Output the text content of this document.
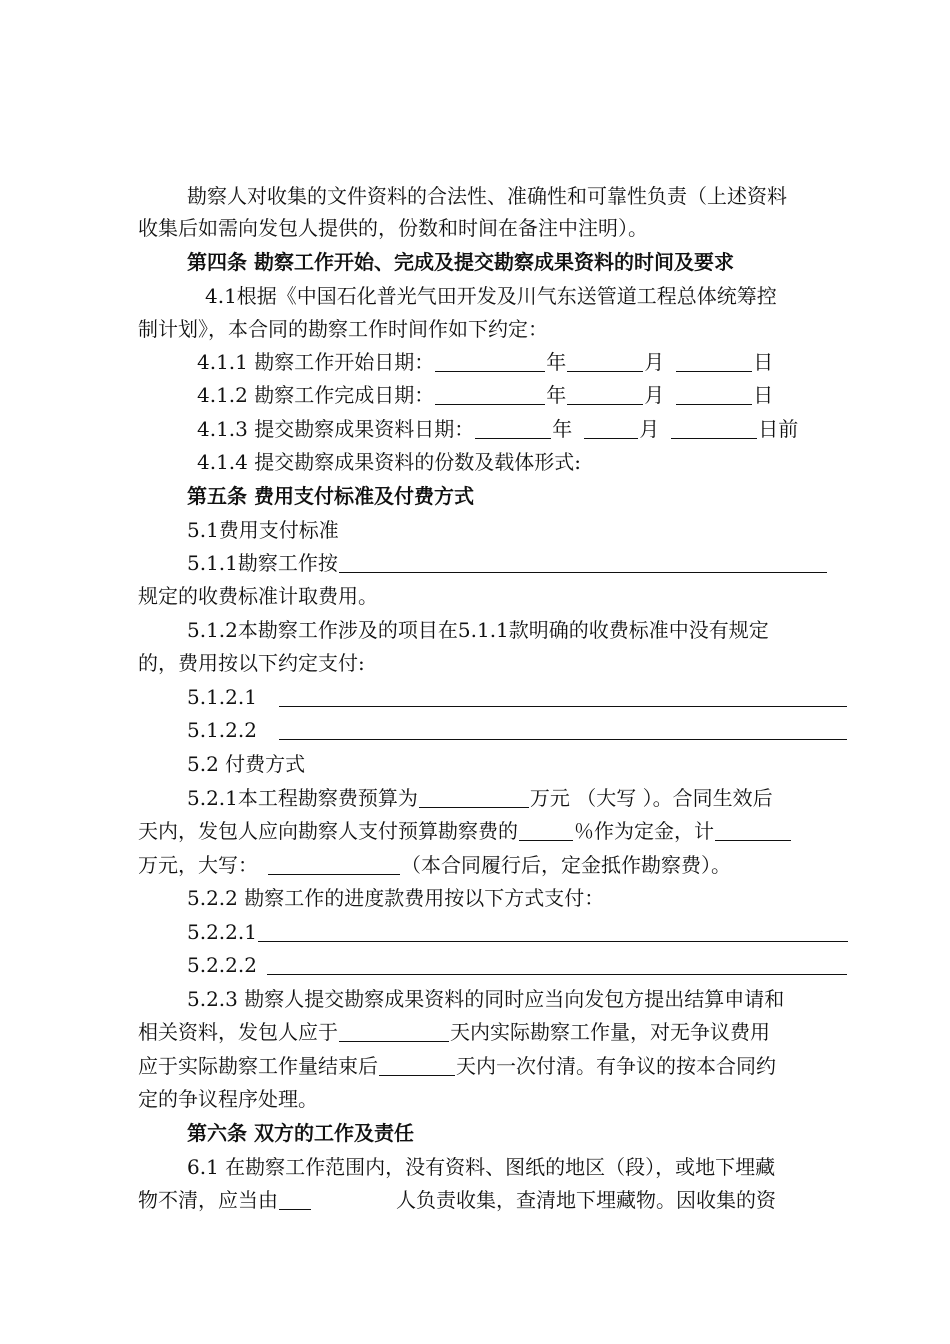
勘察人对收集的文件资料的合法性、准确性和可靠性负责（上述资料
收集后如需向发包人提供的，份数和时间在备注中注明）。
第四条 勘察工作开始、完成及提交勘察成果资料的时间及要求
4.1根据《中国石化普光气田开发及川气东送管道工程总体统筹控
制计划》，本合同的勘察工作时间作如下约定：
4.1.1 勘察工作开始日期：	年	月	日
4.1.2 勘察工作完成日期：	年	月	日
4.1.3 提交勘察成果资料日期：	年	月	日前
4.1.4 提交勘察成果资料的份数及载体形式:
第五条 费用支付标准及付费方式
5.1费用支付标准
5.1.1勘察工作按
规定的收费标准计取费用。
5.1.2本勘察工作涉及的项目在5.1.1款明确的收费标准中没有规定
的，费用按以下约定支付:
5.1.2.1
5.1.2.2
5.2 付费方式
5.2.1本工程勘察费预算为	万元 （大写 ）。合同生效后
天内，发包人应向勘察人支付预算勘察费的	％作为定金，计
万元，大写：	（本合同履行后，定金抵作勘察费）。
5.2.2 勘察工作的进度款费用按以下方式支付：
5.2.2.1
5.2.2.2
5.2.3 勘察人提交勘察成果资料的同时应当向发包方提出结算申请和
相关资料，发包人应于	天内实际勘察工作量，对无争议费用
应于实际勘察工作量结束后	天内一次付清。有争议的按本合同约
定的争议程序处理。
第六条 双方的工作及责任
6.1 在勘察工作范围内，没有资料、图纸的地区（段），或地下埋藏
物不清，应当由	人负责收集，查清地下埋藏物。因收集的资
